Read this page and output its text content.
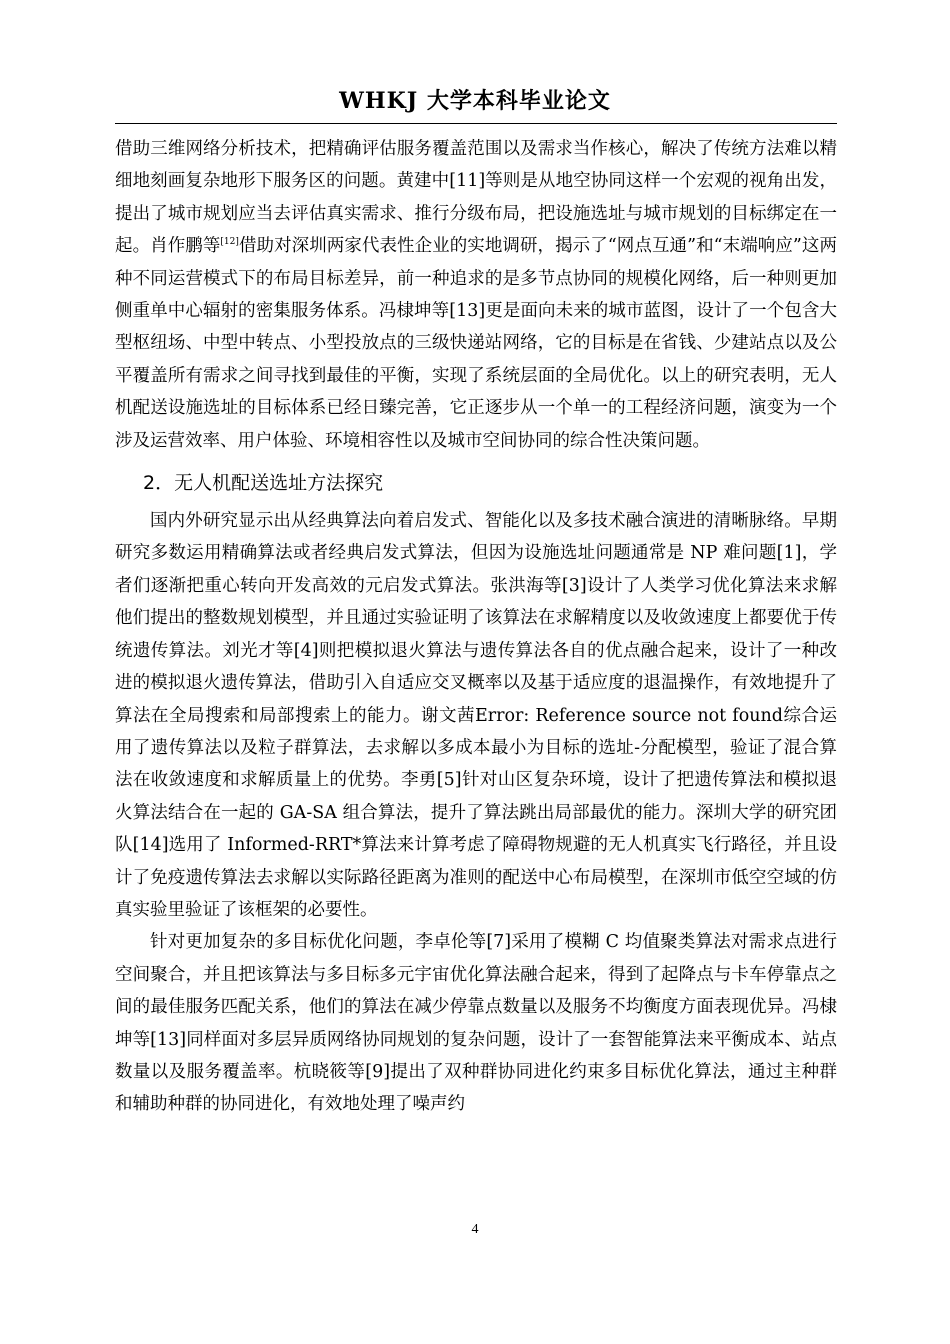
WHKJ 大学本科毕业论文

借助三维网络分析技术，把精确评估服务覆盖范围以及需求当作核心，解决了传统方法难以精细地刻画复杂地形下服务区的问题。黄建中[11]等则是从地空协同这样一个宏观的视角出发，提出了城市规划应当去评估真实需求、推行分级布局，把设施选址与城市规划的目标绑定在一起。肖作鹏等[12]借助对深圳两家代表性企业的实地调研，揭示了“网点互通”和“末端响应”这两种不同运营模式下的布局目标差异，前一种追求的是多节点协同的规模化网络，后一种则更加侧重单中心辐射的密集服务体系。冯棣坤等[13]更是面向未来的城市蓝图，设计了一个包含大型枢纽场、中型中转点、小型投放点的三级快递站网络，它的目标是在省钱、少建站点以及公平覆盖所有需求之间寻找到最佳的平衡，实现了系统层面的全局优化。以上的研究表明，无人机配送设施选址的目标体系已经日臻完善，它正逐步从一个单一的工程经济问题，演变为一个涉及运营效率、用户体验、环境相容性以及城市空间协同的综合性决策问题。

2．无人机配送选址方法探究

国内外研究显示出从经典算法向着启发式、智能化以及多技术融合演进的清晰脉络。早期研究多数运用精确算法或者经典启发式算法，但因为设施选址问题通常是 NP 难问题[1]，学者们逐渐把重心转向开发高效的元启发式算法。张洪海等[3]设计了人类学习优化算法来求解他们提出的整数规划模型，并且通过实验证明了该算法在求解精度以及收敛速度上都要优于传统遗传算法。刘光才等[4]则把模拟退火算法与遗传算法各自的优点融合起来，设计了一种改进的模拟退火遗传算法，借助引入自适应交叉概率以及基于适应度的退温操作，有效地提升了算法在全局搜索和局部搜索上的能力。谢文茜Error: Reference source not found综合运用了遗传算法以及粒子群算法，去求解以多成本最小为目标的选址-分配模型，验证了混合算法在收敛速度和求解质量上的优势。李勇[5]针对山区复杂环境，设计了把遗传算法和模拟退火算法结合在一起的 GA-SA 组合算法，提升了算法跳出局部最优的能力。深圳大学的研究团队[14]选用了 Informed-RRT*算法来计算考虑了障碍物规避的无人机真实飞行路径，并且设计了免疫遗传算法去求解以实际路径距离为准则的配送中心布局模型，在深圳市低空空域的仿真实验里验证了该框架的必要性。

针对更加复杂的多目标优化问题，李卓伦等[7]采用了模糊 C 均值聚类算法对需求点进行空间聚合，并且把该算法与多目标多元宇宙优化算法融合起来，得到了起降点与卡车停靠点之间的最佳服务匹配关系，他们的算法在减少停靠点数量以及服务不均衡度方面表现优异。冯棣坤等[13]同样面对多层异质网络协同规划的复杂问题，设计了一套智能算法来平衡成本、站点数量以及服务覆盖率。杭晓筱等[9]提出了双种群协同进化约束多目标优化算法，通过主种群和辅助种群的协同进化，有效地处理了噪声约

4
